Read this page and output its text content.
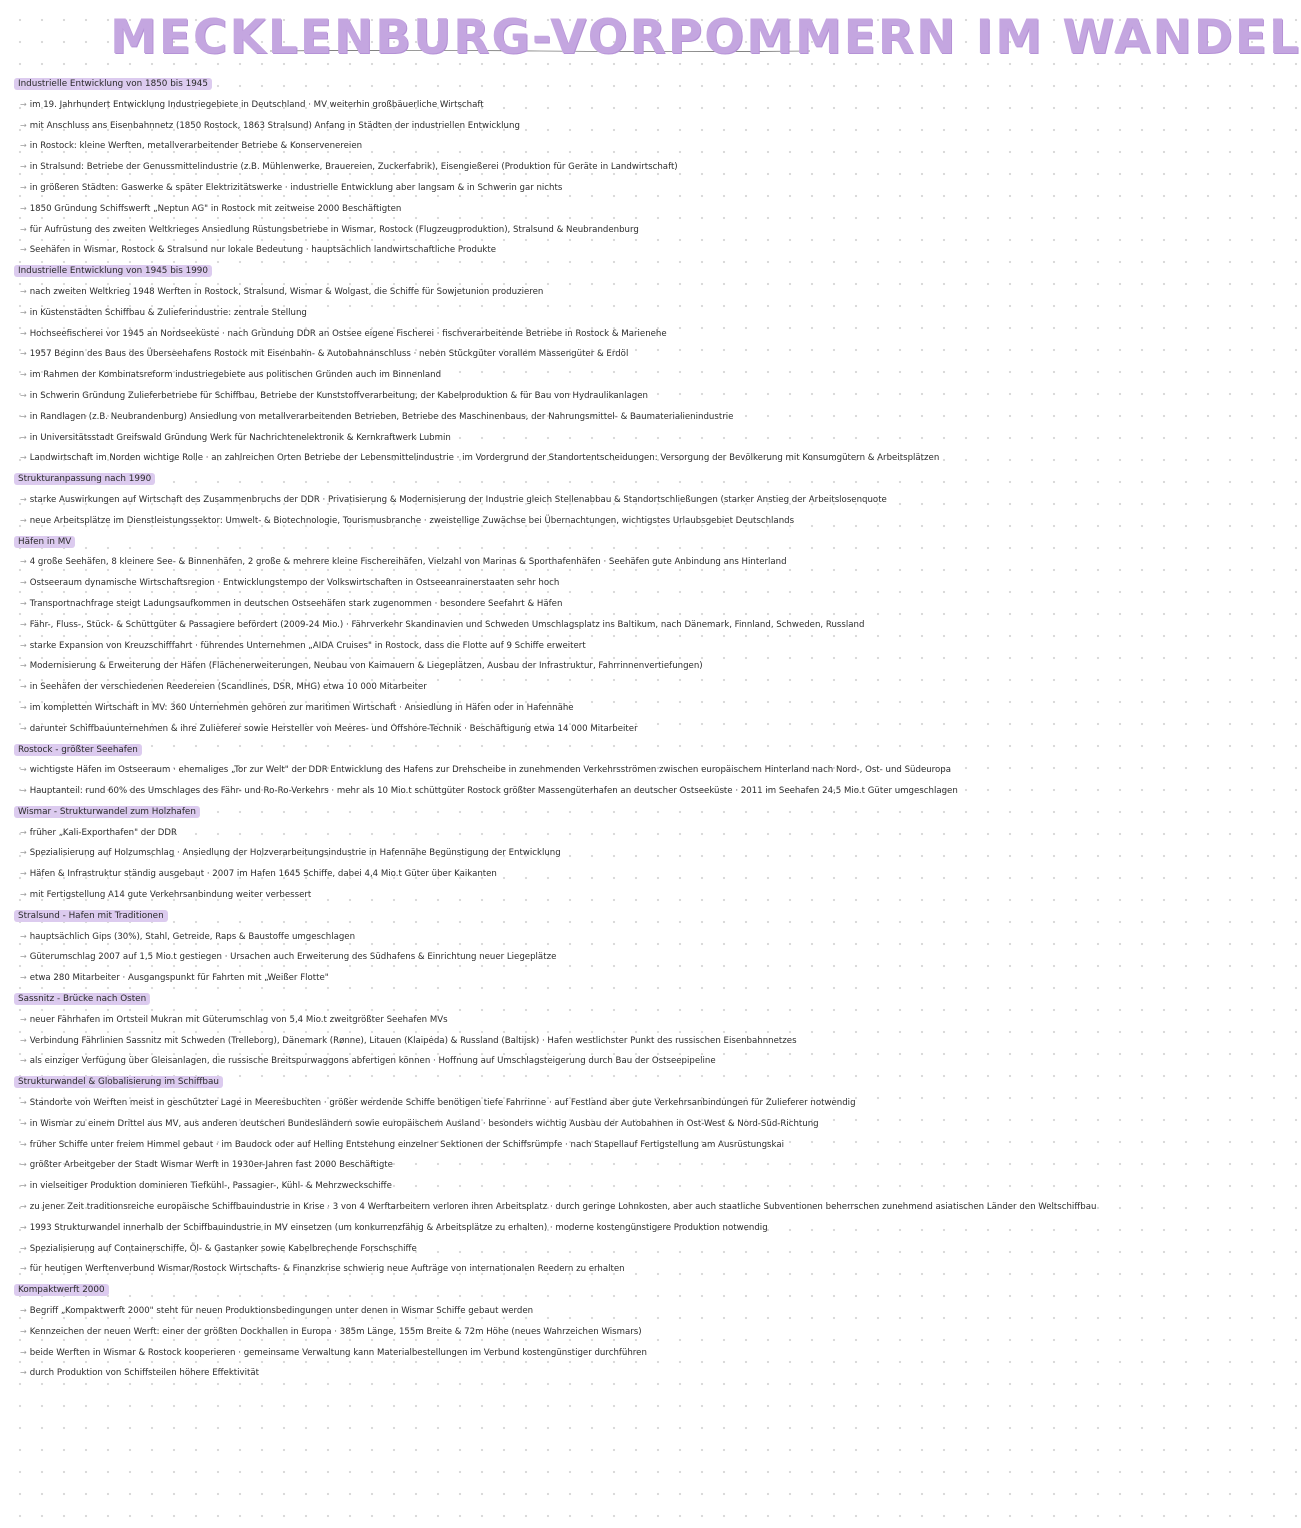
MECKLENBURG-VORPOMMERN IM WANDEL
Industrielle Entwicklung von 1850 bis 1945
→ im 19. Jahrhundert Entwicklung Industriegebiete in Deutschland · MV weiterhin großbäuerliche Wirtschaft
→ mit Anschluss ans Eisenbahnnetz (1850 Rostock, 1863 Stralsund) Anfang in Städten der industriellen Entwicklung
→ in Rostock: kleine Werften, metallverarbeitender Betriebe & Konservenereien
→ in Stralsund: Betriebe der Genussmittelindustrie (z.B. Mühlenwerke, Brauereien, Zuckerfabrik), Eisengießerei (Produktion für Geräte in Landwirtschaft)
→ in größeren Städten: Gaswerke & später Elektrizitätswerke · industrielle Entwicklung aber langsam & in Schwerin gar nichts
→ 1850 Gründung Schiffswerft „Neptun AG" in Rostock mit zeitweise 2000 Beschäftigten
→ für Aufrüstung des zweiten Weltkrieges Ansiedlung Rüstungsbetriebe in Wismar, Rostock (Flugzeugproduktion), Stralsund & Neubrandenburg
→ Seehäfen in Wismar, Rostock & Stralsund nur lokale Bedeutung · hauptsächlich landwirtschaftliche Produkte
Industrielle Entwicklung von 1945 bis 1990
→ nach zweiten Weltkrieg 1948 Werften in Rostock, Stralsund, Wismar & Wolgast, die Schiffe für Sowjetunion produzieren
→ in Küstenstädten Schiffbau & Zulieferindustrie: zentrale Stellung
→ Hochseefischerei vor 1945 an Nordseeküste · nach Gründung DDR an Ostsee eigene Fischerei · fischverarbeitende Betriebe in Rostock & Marienehe
→ 1957 Beginn des Baus des Überseehafens Rostock mit Eisenbahn- & Autobahnanschluss · neben Stückgüter vorallem Massengüter & Erdöl
→ im Rahmen der Kombinatsreform industriegebiete aus politischen Gründen auch im Binnenland
→ in Schwerin Gründung Zulieferbetriebe für Schiffbau, Betriebe der Kunststoffverarbeitung, der Kabelproduktion & für Bau von Hydraulikanlagen
→ in Randlagen (z.B. Neubrandenburg) Ansiedlung von metallverarbeitenden Betrieben, Betriebe des Maschinenbaus, der Nahrungsmittel- & Baumaterialienindustrie
→ in Universitätsstadt Greifswald Gründung Werk für Nachrichtenelektronik & Kernkraftwerk Lubmin
→ Landwirtschaft im Norden wichtige Rolle · an zahlreichen Orten Betriebe der Lebensmittelindustrie · im Vordergrund der Standortentscheidungen: Versorgung der Bevölkerung mit Konsumgütern & Arbeitsplätzen
Strukturanpassung nach 1990
→ starke Auswirkungen auf Wirtschaft des Zusammenbruchs der DDR · Privatisierung & Modernisierung der Industrie gleich Stellenabbau & Standortschließungen (starker Anstieg der Arbeitslosenquote
→ neue Arbeitsplätze im Dienstleistungssektor: Umwelt- & Biotechnologie, Tourismusbranche · zweistellige Zuwächse bei Übernachtungen, wichtigstes Urlaubsgebiet Deutschlands
Häfen in MV
→ 4 große Seehäfen, 8 kleinere See- & Binnenhäfen, 2 große & mehrere kleine Fischereihäfen, Vielzahl von Marinas & Sporthafenhäfen · Seehäfen gute Anbindung ans Hinterland
→ Ostseeraum dynamische Wirtschaftsregion · Entwicklungstempo der Volkswirtschaften in Ostseeanrainerstaaten sehr hoch
→ Transportnachfrage steigt Ladungsaufkommen in deutschen Ostseehäfen stark zugenommen · besondere Seefahrt & Häfen
→ Fähr-, Fluss-, Stück- & Schüttgüter & Passagiere befördert (2009-24 Mio.) · Fährverkehr Skandinavien und Schweden Umschlagsplatz ins Baltikum, nach Dänemark, Finnland, Schweden, Russland
→ starke Expansion von Kreuzschifffahrt · führendes Unternehmen „AIDA Cruises" in Rostock, dass die Flotte auf 9 Schiffe erweitert
→ Modernisierung & Erweiterung der Häfen (Flächenerweiterungen, Neubau von Kaimauern & Liegeplätzen, Ausbau der Infrastruktur, Fahrrinnenvertiefungen)
→ in Seehäfen der verschiedenen Reedereien (Scandlines, DSR, MHG) etwa 10 000 Mitarbeiter
→ im kompletten Wirtschaft in MV: 360 Unternehmen gehören zur maritimen Wirtschaft · Ansiedlung in Häfen oder in Hafennähe
→ darunter Schiffbauunternehmen & ihre Zulieferer sowie Hersteller von Meeres- und Offshore-Technik · Beschäftigung etwa 14 000 Mitarbeiter
Rostock - größter Seehafen
→ wichtigste Häfen im Ostseeraum · ehemaliges „Tor zur Welt" der DDR Entwicklung des Hafens zur Drehscheibe in zunehmenden Verkehrsströmen zwischen europäischem Hinterland nach Nord-, Ost- und Südeuropa
→ Hauptanteil: rund 60% des Umschlages des Fähr- und Ro-Ro-Verkehrs · mehr als 10 Mio.t schüttgüter Rostock größter Massengüterhafen an deutscher Ostseeküste · 2011 im Seehafen 24,5 Mio.t Güter umgeschlagen
Wismar - Strukturwandel zum Holzhafen
→ früher „Kali-Exporthafen" der DDR
→ Spezialisierung auf Holzumschlag · Ansiedlung der Holzverarbeitungsindustrie in Hafennähe Begünstigung der Entwicklung
→ Häfen & Infrastruktur ständig ausgebaut · 2007 im Hafen 1645 Schiffe, dabei 4,4 Mio.t Güter über Kaikanten
→ mit Fertigstellung A14 gute Verkehrsanbindung weiter verbessert
Stralsund - Hafen mit Traditionen
→ hauptsächlich Gips (30%), Stahl, Getreide, Raps & Baustoffe umgeschlagen
→ Güterumschlag 2007 auf 1,5 Mio.t gestiegen · Ursachen auch Erweiterung des Südhafens & Einrichtung neuer Liegeplätze
→ etwa 280 Mitarbeiter · Ausgangspunkt für Fahrten mit „Weißer Flotte"
Sassnitz - Brücke nach Osten
→ neuer Fährhafen im Ortsteil Mukran mit Güterumschlag von 5,4 Mio.t zweitgrößter Seehafen MVs
→ Verbindung Fährlinien Sassnitz mit Schweden (Trelleborg), Dänemark (Rønne), Litauen (Klaipėda) & Russland (Baltijsk) · Hafen westlichster Punkt des russischen Eisenbahnnetzes
→ als einziger Verfügung über Gleisanlagen, die russische Breitspurwaggons abfertigen können · Hoffnung auf Umschlagsteigerung durch Bau der Ostseepipeline
Strukturwandel & Globalisierung im Schiffbau
→ Standorte von Werften meist in geschützter Lage in Meeresbuchten · größer werdende Schiffe benötigen tiefe Fahrrinne · auf Festland aber gute Verkehrsanbindungen für Zulieferer notwendig
→ in Wismar zu einem Drittel aus MV, aus anderen deutschen Bundesländern sowie europäischem Ausland · besonders wichtig Ausbau der Autobahnen in Ost-West & Nord-Süd-Richtung
→ früher Schiffe unter freiem Himmel gebaut · im Baudock oder auf Helling Entstehung einzelner Sektionen der Schiffsrümpfe · nach Stapellauf Fertigstellung am Ausrüstungskai
→ größter Arbeitgeber der Stadt Wismar Werft in 1930er-Jahren fast 2000 Beschäftigte
→ in vielseitiger Produktion dominieren Tiefkühl-, Passagier-, Kühl- & Mehrzweckschiffe
→ zu jener Zeit traditionsreiche europäische Schiffbauindustrie in Krise · 3 von 4 Werftarbeitern verloren ihren Arbeitsplatz · durch geringe Lohnkosten, aber auch staatliche Subventionen beherrschen zunehmend asiatischen Länder den Weltschiffbau
→ 1993 Strukturwandel innerhalb der Schiffbauindustrie in MV einsetzen (um konkurrenzfähig & Arbeitsplätze zu erhalten) · moderne kostengünstigere Produktion notwendig
→ Spezialisierung auf Containerschiffe, Öl- & Gastanker sowie Kabelbrechende Forschschiffe
→ für heutigen Werftenverbund Wismar/Rostock Wirtschafts- & Finanzkrise schwierig neue Aufträge von internationalen Reedern zu erhalten
Kompaktwerft 2000
→ Begriff „Kompaktwerft 2000" steht für neuen Produktionsbedingungen unter denen in Wismar Schiffe gebaut werden
→ Kennzeichen der neuen Werft: einer der größten Dockhallen in Europa · 385m Länge, 155m Breite & 72m Höhe (neues Wahrzeichen Wismars)
→ beide Werften in Wismar & Rostock kooperieren · gemeinsame Verwaltung kann Materialbestellungen im Verbund kostengünstiger durchführen
→ durch Produktion von Schiffsteilen höhere Effektivität
